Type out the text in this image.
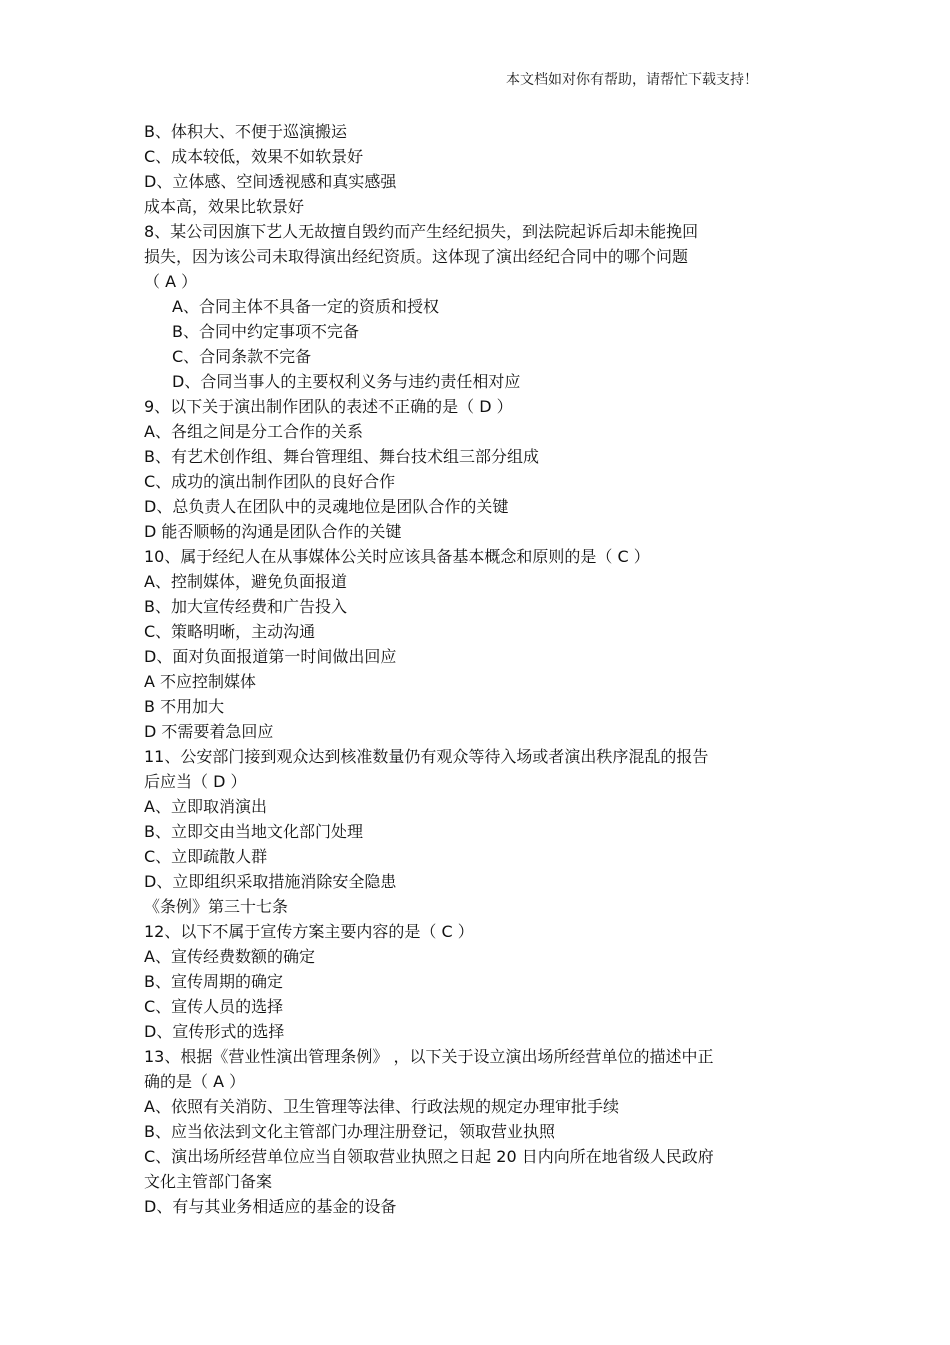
本文档如对你有帮助，请帮忙下载支持！
B、体积大、不便于巡演搬运
C、成本较低，效果不如软景好
D、立体感、空间透视感和真实感强
成本高，效果比软景好
8、某公司因旗下艺人无故擅自毁约而产生经纪损失，到法院起诉后却未能挽回
损失，因为该公司未取得演出经纪资质。这体现了演出经纪合同中的哪个问题
（ A ）
A、合同主体不具备一定的资质和授权
B、合同中约定事项不完备
C、合同条款不完备
D、合同当事人的主要权利义务与违约责任相对应
9、以下关于演出制作团队的表述不正确的是（ D ）
A、各组之间是分工合作的关系
B、有艺术创作组、舞台管理组、舞台技术组三部分组成
C、成功的演出制作团队的良好合作
D、总负责人在团队中的灵魂地位是团队合作的关键
D 能否顺畅的沟通是团队合作的关键
10、属于经纪人在从事媒体公关时应该具备基本概念和原则的是（ C ）
A、控制媒体，避免负面报道
B、加大宣传经费和广告投入
C、策略明晰，主动沟通
D、面对负面报道第一时间做出回应
A 不应控制媒体
B 不用加大
D 不需要着急回应
11、公安部门接到观众达到核准数量仍有观众等待入场或者演出秩序混乱的报告
后应当（ D ）
A、立即取消演出
B、立即交由当地文化部门处理
C、立即疏散人群
D、立即组织采取措施消除安全隐患
《条例》第三十七条
12、以下不属于宣传方案主要内容的是（ C ）
A、宣传经费数额的确定
B、宣传周期的确定
C、宣传人员的选择
D、宣传形式的选择
13、根据《营业性演出管理条例》 ，以下关于设立演出场所经营单位的描述中正
确的是（ A ）
A、依照有关消防、卫生管理等法律、行政法规的规定办理审批手续
B、应当依法到文化主管部门办理注册登记，领取营业执照
C、演出场所经营单位应当自领取营业执照之日起 20 日内向所在地省级人民政府
文化主管部门备案
D、有与其业务相适应的基金的设备
